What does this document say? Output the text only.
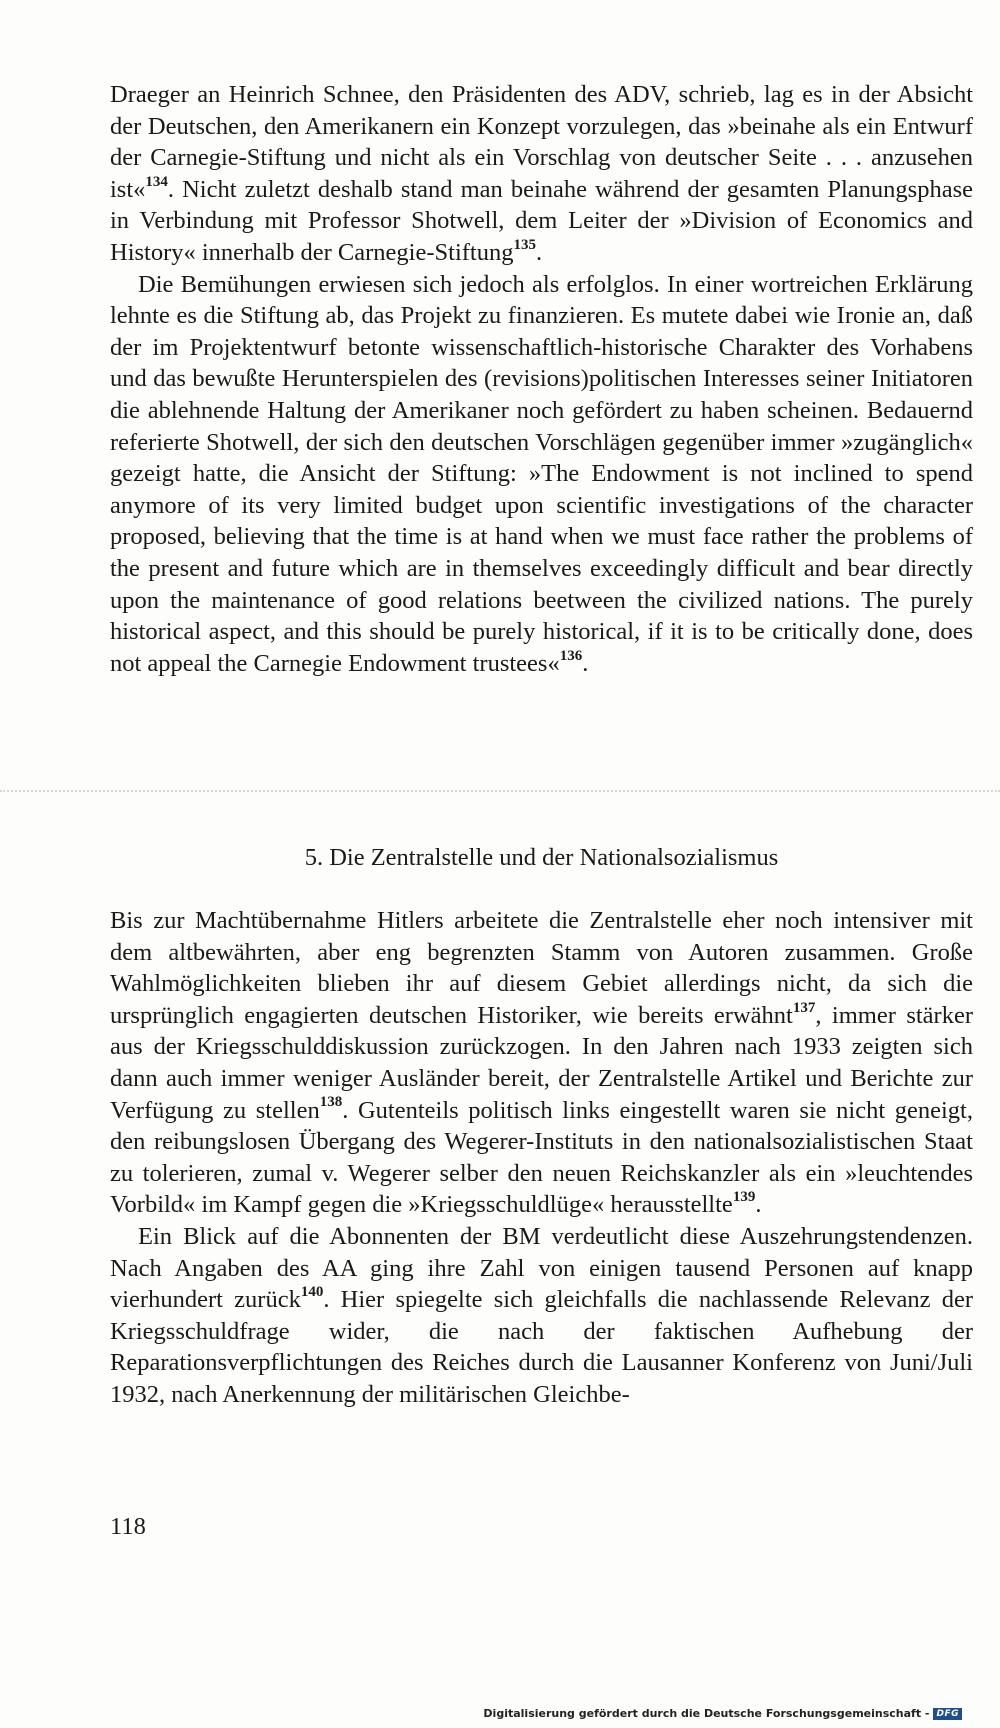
Draeger an Heinrich Schnee, den Präsidenten des ADV, schrieb, lag es in der Absicht der Deutschen, den Amerikanern ein Konzept vorzulegen, das »beinahe als ein Entwurf der Carnegie-Stiftung und nicht als ein Vorschlag von deutscher Seite . . . anzusehen ist«$^{134}$. Nicht zuletzt deshalb stand man beinahe während der gesamten Planungsphase in Verbindung mit Professor Shotwell, dem Leiter der »Division of Economics and History« innerhalb der Carnegie-Stiftung$^{135}$.

Die Bemühungen erwiesen sich jedoch als erfolglos. In einer wortreichen Erklärung lehnte es die Stiftung ab, das Projekt zu finanzieren. Es mutete dabei wie Ironie an, daß der im Projektentwurf betonte wissenschaftlich-historische Charakter des Vorhabens und das bewußte Herunterspielen des (revisions)politischen Interesses seiner Initiatoren die ablehnende Haltung der Amerikaner noch gefördert zu haben scheinen. Bedauernd referierte Shotwell, der sich den deutschen Vorschlägen gegenüber immer »zugänglich« gezeigt hatte, die Ansicht der Stiftung: »The Endowment is not inclined to spend anymore of its very limited budget upon scientific investigations of the character proposed, believing that the time is at hand when we must face rather the problems of the present and future which are in themselves exceedingly difficult and bear directly upon the maintenance of good relations beetween the civilized nations. The purely historical aspect, and this should be purely historical, if it is to be critically done, does not appeal the Carnegie Endowment trustees«$^{136}$.

5. Die Zentralstelle und der Nationalsozialismus

Bis zur Machtübernahme Hitlers arbeitete die Zentralstelle eher noch intensiver mit dem altbewährten, aber eng begrenzten Stamm von Autoren zusammen. Große Wahlmöglichkeiten blieben ihr auf diesem Gebiet allerdings nicht, da sich die ursprünglich engagierten deutschen Historiker, wie bereits erwähnt$^{137}$, immer stärker aus der Kriegsschulddiskussion zurückzogen. In den Jahren nach 1933 zeigten sich dann auch immer weniger Ausländer bereit, der Zentralstelle Artikel und Berichte zur Verfügung zu stellen$^{138}$. Gutenteils politisch links eingestellt waren sie nicht geneigt, den reibungslosen Übergang des Wegerer-Instituts in den nationalsozialistischen Staat zu tolerieren, zumal v. Wegerer selber den neuen Reichskanzler als ein »leuchtendes Vorbild« im Kampf gegen die »Kriegsschuldlüge« herausstellte$^{139}$.

Ein Blick auf die Abonnenten der BM verdeutlicht diese Auszehrungstendenzen. Nach Angaben des AA ging ihre Zahl von einigen tausend Personen auf knapp vierhundert zurück$^{140}$. Hier spiegelte sich gleichfalls die nachlassende Relevanz der Kriegsschuldfrage wider, die nach der faktischen Aufhebung der Reparationsverpflichtungen des Reiches durch die Lausanner Konferenz von Juni/Juli 1932, nach Anerkennung der militärischen Gleichbe-

118
Digitalisierung gefördert durch die Deutsche Forschungsgemeinschaft - DFG
